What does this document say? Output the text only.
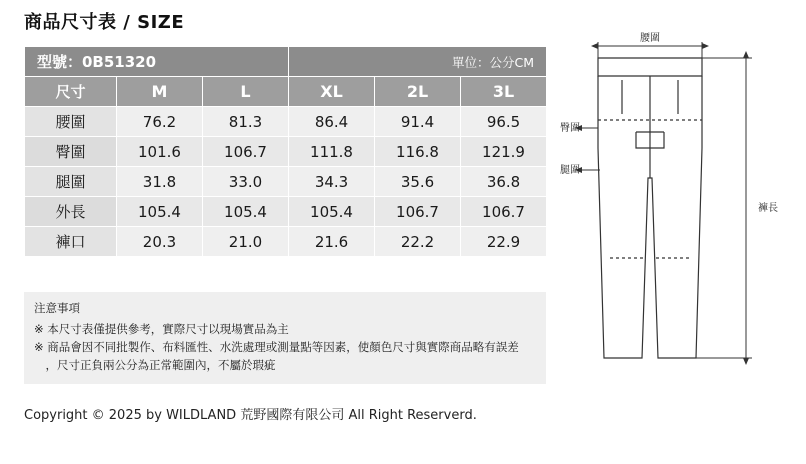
商品尺寸表 / SIZE
型號：0B51320			單位：公分CM		
尺寸	M	L	XL	2L	3L
腰圍	76.2	81.3	86.4	91.4	96.5
臀圍	101.6	106.7	111.8	116.8	121.9
腿圍	31.8	33.0	34.3	35.6	36.8
外長	105.4	105.4	105.4	106.7	106.7
褲口	20.3	21.0	21.6	22.2	22.9
注意事項
※ 本尺寸表僅提供參考，實際尺寸以現場實品為主
※ 商品會因不同批製作、布料匯性、水洗處理或測量點等因素，使顏色尺寸與實際商品略有誤差
　，尺寸正負兩公分為正常範圍內，不屬於瑕疵
Copyright © 2025 by WILDLAND 荒野國際有限公司 All Right Reserverd.
腰圍
臀圍
腿圍
褲長
